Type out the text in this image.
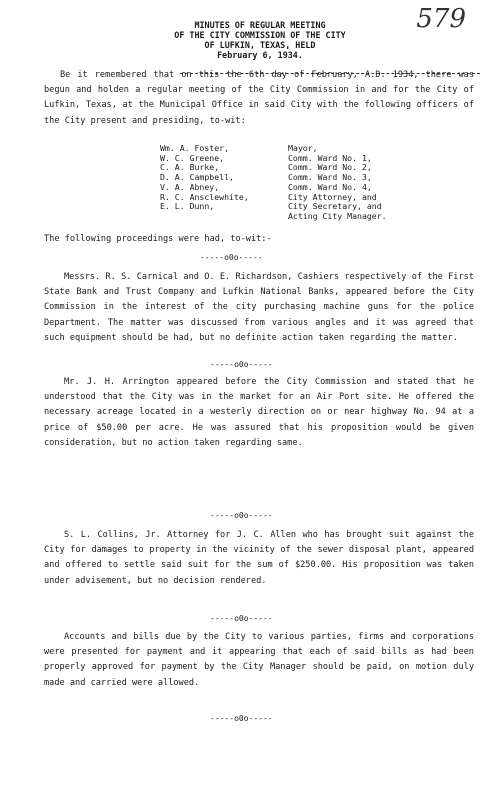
579
MINUTES OF REGULAR MEETING
OF THE CITY COMMISSION OF THE CITY
OF LUFKIN, TEXAS, HELD
February 6, 1934.
Be it remembered that on this the 6th day of February, A.D. 1934, there was begun and holden a regular meeting of the City Commission in and for the City of Lufkin, Texas, at the Municipal Office in said City with the following officers of the City present and presiding, to-wit:
Wm. A. Foster,	Mayor,
W. C. Greene,	Comm. Ward No. 1,
C. A. Burke,	Comm. Ward No. 2,
D. A. Campbell,	Comm. Ward No. 3,
V. A. Abney,	Comm. Ward No. 4,
R. C. Ansclewhite,	City Attorney, and
E. L. Dunn,	City Secretary, and
Acting City Manager.
The following proceedings were had, to-wit:-
-----o0o-----
Messrs. R. S. Carnical and O. E. Richardson, Cashiers respectively of the First State Bank and Trust Company and Lufkin National Banks, appeared before the City Commission in the interest of the city purchasing machine guns for the police Department. The matter was discussed from various angles and it was agreed that such equipment should be had, but no definite action taken regarding the matter.
-----o0o-----
Mr. J. H. Arrington appeared before the City Commission and stated that he understood that the City was in the market for an Air Port site. He offered the necessary acreage located in a westerly direction on or near highway No. 94 at a price of $50.00 per acre. He was assured that his proposition would be given consideration, but no action taken regarding same.
-----o0o-----
S. L. Collins, Jr. Attorney for J. C. Allen who has brought suit against the City for damages to property in the vicinity of the sewer disposal plant, appeared and offered to settle said suit for the sum of $250.00. His proposition was taken under advisement, but no decision rendered.
-----o0o-----
Accounts and bills due by the City to various parties, firms and corporations were presented for payment and it appearing that each of said bills as had been properly approved for payment by the City Manager should be paid, on motion duly made and carried were allowed.
-----o0o-----
